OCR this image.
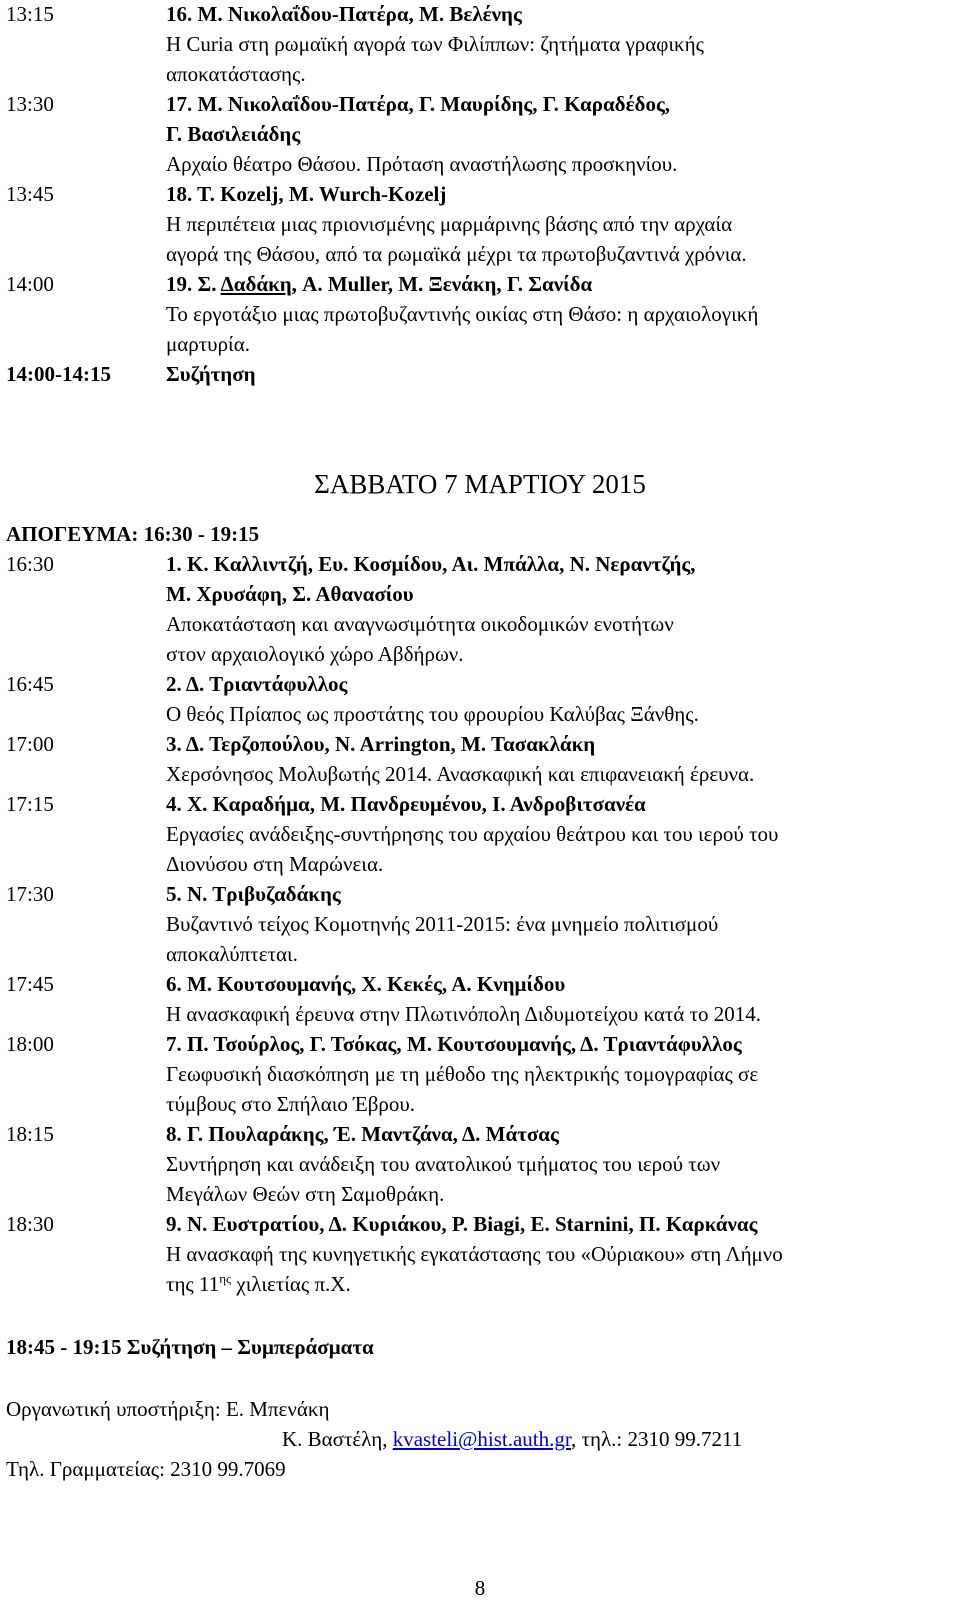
13:15	16. Μ. Νικολαΐδου-Πατέρα, Μ. Βελένης
Η Curia στη ρωμαϊκή αγορά των Φιλίππων: ζητήματα γραφικής
αποκατάστασης.
13:30	17. Μ. Νικολαΐδου-Πατέρα, Γ. Μαυρίδης, Γ. Καραδέδος,
Γ. Βασιλειάδης
Αρχαίο θέατρο Θάσου. Πρόταση αναστήλωσης προσκηνίου.
13:45	18. Τ. Kozelj, M. Wurch-Kozelj
Η περιπέτεια μιας πριονισμένης μαρμάρινης βάσης από την αρχαία
αγορά της Θάσου, από τα ρωμαϊκά μέχρι τα πρωτοβυζαντινά χρόνια.
14:00	19. Σ. Δαδάκη, A. Muller, M. Ξενάκη, Γ. Σανίδα
Το εργοτάξιο μιας πρωτοβυζαντινής οικίας στη Θάσο: η αρχαιολογική
μαρτυρία.
14:00-14:15	Συζήτηση
ΣΑΒΒΑΤΟ 7 ΜΑΡΤΙΟΥ 2015
ΑΠΟΓΕΥΜΑ: 16:30 - 19:15
16:30	1. Κ. Καλλιντζή, Ευ. Κοσμίδου, Αι. Μπάλλα, Ν. Νεραντζής,
Μ. Χρυσάφη, Σ. Αθανασίου
Αποκατάσταση και αναγνωσιμότητα οικοδομικών ενοτήτων
στον αρχαιολογικό χώρο Αβδήρων.
16:45	2. Δ. Τριαντάφυλλος
Ο θεός Πρίαπος ως προστάτης του φρουρίου Καλύβας Ξάνθης.
17:00	3. Δ. Τερζοπούλου, N. Arrington, Μ. Τασακλάκη
Χερσόνησος Μολυβωτής 2014. Ανασκαφική και επιφανειακή έρευνα.
17:15	4. Χ. Καραδήμα, Μ. Πανδρευμένου, Ι. Ανδροβιτσανέα
Εργασίες ανάδειξης-συντήρησης του αρχαίου θεάτρου και του ιερού του
Διονύσου στη Μαρώνεια.
17:30	5. Ν. Τριβυζαδάκης
Βυζαντινό τείχος Κομοτηνής 2011-2015: ένα μνημείο πολιτισμού
αποκαλύπτεται.
17:45	6. Μ. Κουτσουμανής, Χ. Κεκές, Α. Κνημίδου
Η ανασκαφική έρευνα στην Πλωτινόπολη Διδυμοτείχου κατά το 2014.
18:00	7. Π. Τσούρλος, Γ. Τσόκας, Μ. Κουτσουμανής, Δ. Τριαντάφυλλος
Γεωφυσική διασκόπηση με τη μέθοδο της ηλεκτρικής τομογραφίας σε
τύμβους στο Σπήλαιο Έβρου.
18:15	8. Γ. Πουλαράκης, Έ. Μαντζάνα, Δ. Μάτσας
Συντήρηση και ανάδειξη του ανατολικού τμήματος του ιερού των
Μεγάλων Θεών στη Σαμοθράκη.
18:30	9. Ν. Ευστρατίου, Δ. Κυριάκου, P. Biagi, E. Starnini, Π. Καρκάνας
Η ανασκαφή της κυνηγετικής εγκατάστασης του «Ούριακου» στη Λήμνο
της $11^{\eta\varsigma}$ χιλιετίας π.Χ.
18:45 - 19:15 Συζήτηση – Συμπεράσματα
Οργανωτική υποστήριξη: Ε. Μπενάκη
Κ. Βαστέλη, kvasteli@hist.auth.gr, τηλ.: 2310 99.7211
Τηλ. Γραμματείας: 2310 99.7069
8
